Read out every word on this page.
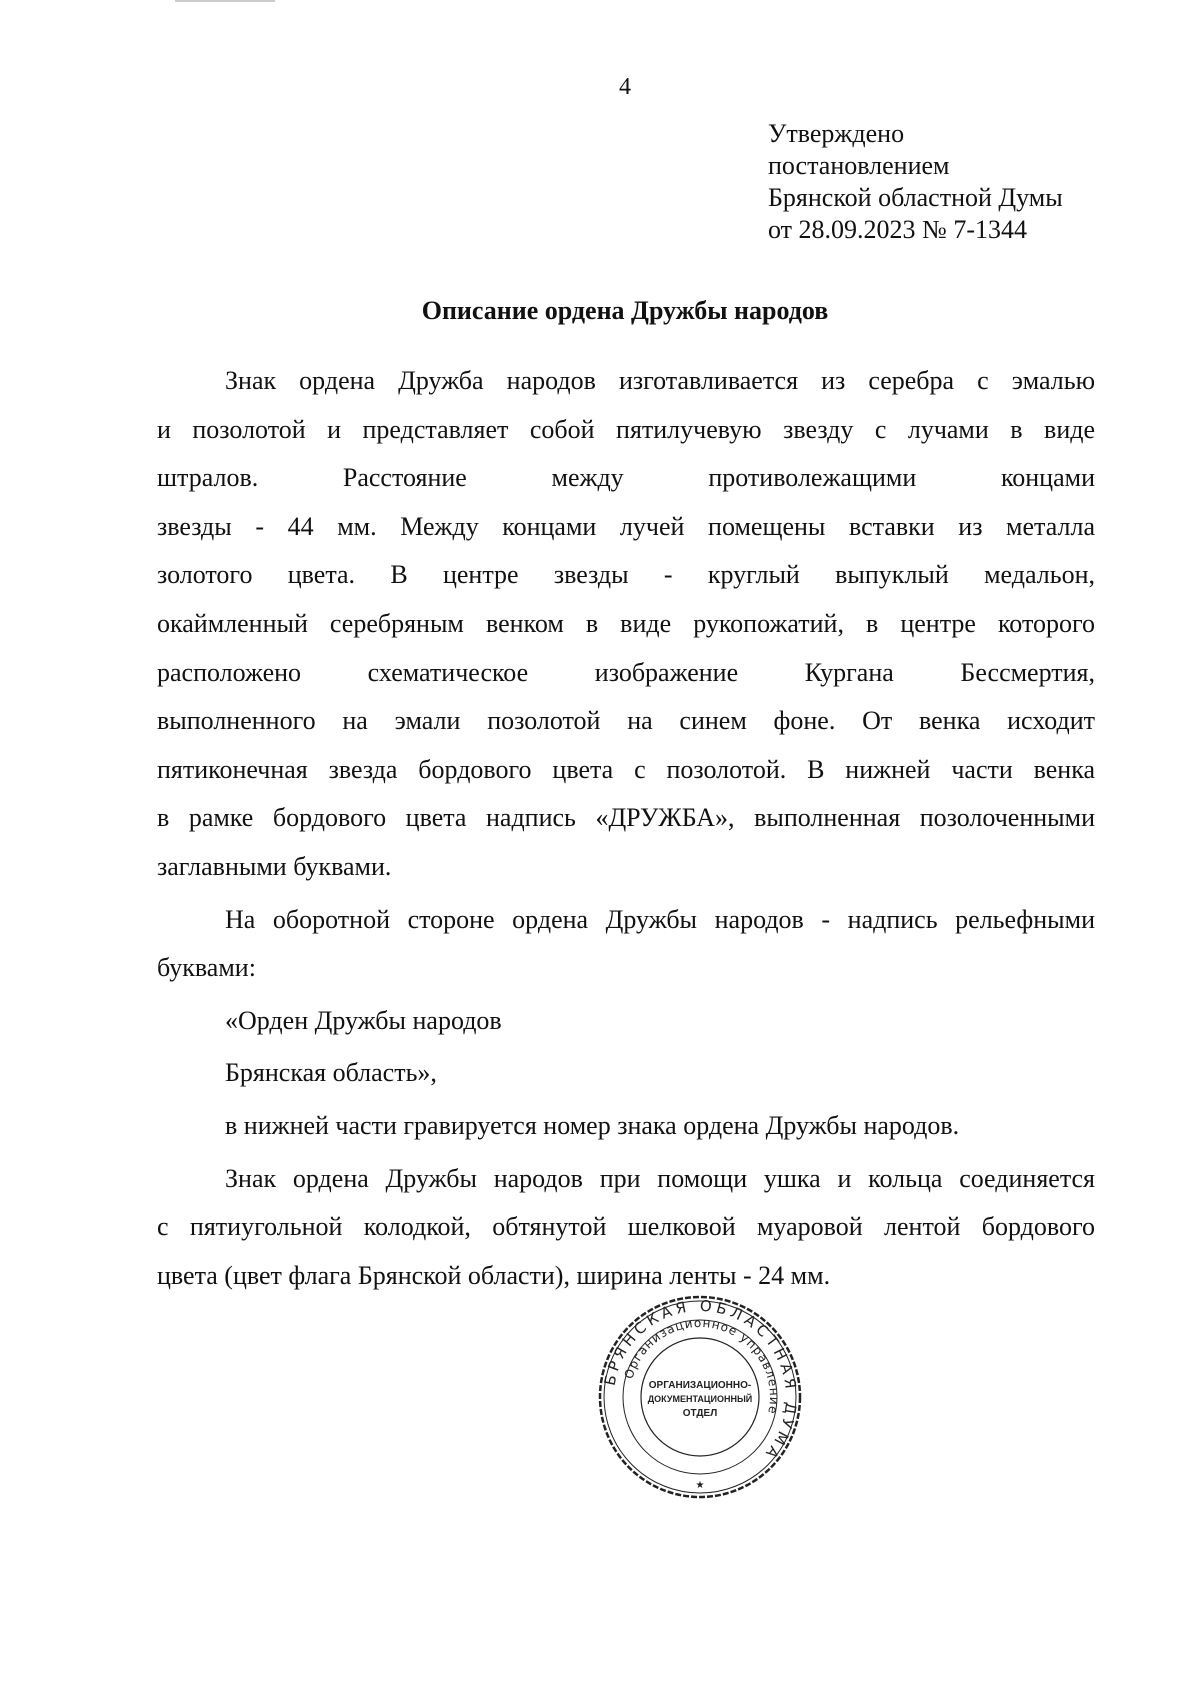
4
Утверждено
постановлением
Брянской областной Думы
от 28.09.2023 № 7-1344
Описание ордена Дружбы народов

Знак ордена Дружба народов изготавливается из серебра с эмалью

и позолотой и представляет собой пятилучевую звезду с лучами в виде

штралов. Расстояние между противолежащими концами

звезды - 44 мм. Между концами лучей помещены вставки из металла

золотого цвета. В центре звезды - круглый выпуклый медальон,

окаймленный серебряным венком в виде рукопожатий, в центре которого

расположено схематическое изображение Кургана Бессмертия,

выполненного на эмали позолотой на синем фоне. От венка исходит

пятиконечная звезда бордового цвета с позолотой. В нижней части венка

в рамке бордового цвета надпись «ДРУЖБА», выполненная позолоченными

заглавными буквами.

На оборотной стороне ордена Дружбы народов - надпись рельефными

буквами:

«Орден Дружбы народов

Брянская область»,

в нижней части гравируется номер знака ордена Дружбы народов.

Знак ордена Дружбы народов при помощи ушка и кольца соединяется

с пятиугольной колодкой, обтянутой шелковой муаровой лентой бордового

цвета (цвет флага Брянской области), ширина ленты - 24 мм.

БРЯНСКАЯ ОБЛАСТНАЯ ДУМА
Организационное управление
ОРГАНИЗАЦИОННО-
ДОКУМЕНТАЦИОННЫЙ
ОТДЕЛ
★
